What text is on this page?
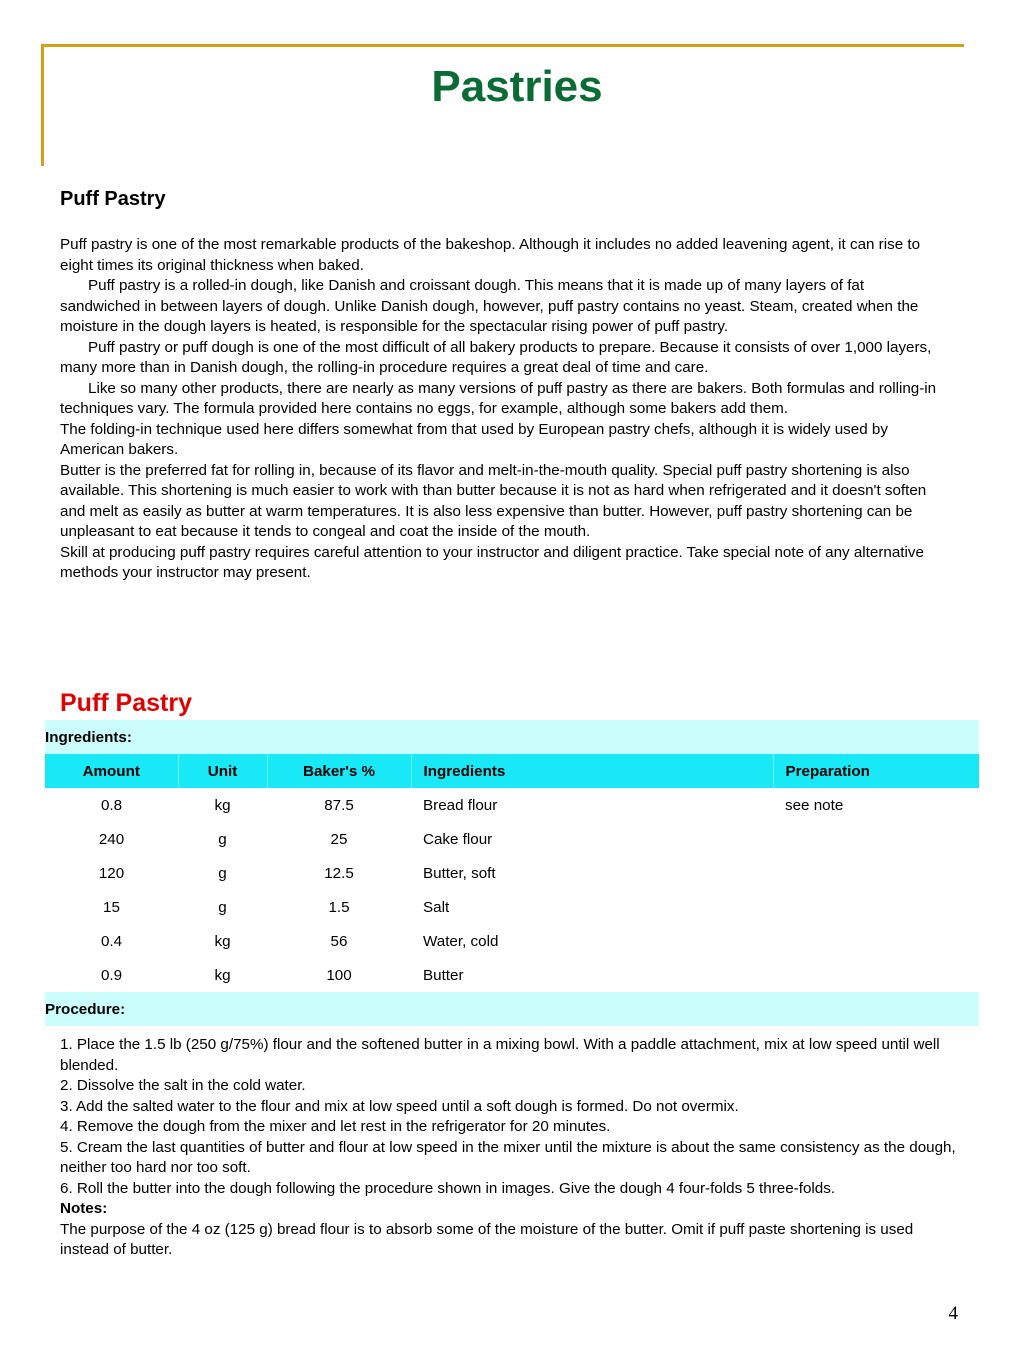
Pastries
Puff Pastry

Puff pastry is one of the most remarkable products of the bakeshop. Although it includes no added leavening agent, it can rise to eight times its original thickness when baked.

Puff pastry is a rolled-in dough, like Danish and croissant dough. This means that it is made up of many layers of fat sandwiched in between layers of dough. Unlike Danish dough, however, puff pastry contains no yeast. Steam, created when the moisture in the dough layers is heated, is responsible for the spectacular rising power of puff pastry.

Puff pastry or puff dough is one of the most difficult of all bakery products to prepare. Because it consists of over 1,000 layers, many more than in Danish dough, the rolling-in procedure requires a great deal of time and care.

Like so many other products, there are nearly as many versions of puff pastry as there are bakers. Both formulas and rolling-in techniques vary. The formula provided here contains no eggs, for example, although some bakers add them.

The folding-in technique used here differs somewhat from that used by European pastry chefs, although it is widely used by American bakers.

Butter is the preferred fat for rolling in, because of its flavor and melt-in-the-mouth quality. Special puff pastry shortening is also available. This shortening is much easier to work with than butter because it is not as hard when refrigerated and it doesn't soften and melt as easily as butter at warm temperatures. It is also less expensive than butter. However, puff pastry shortening can be unpleasant to eat because it tends to congeal and coat the inside of the mouth.

Skill at producing puff pastry requires careful attention to your instructor and diligent practice. Take special note of any alternative methods your instructor may present.

Puff Pastry
Ingredients:				
Amount	Unit	Baker's %	Ingredients	Preparation
0.8	kg	87.5	Bread flour	see note
240	g	25	Cake flour	
120	g	12.5	Butter, soft	
15	g	1.5	Salt	
0.4	kg	56	Water, cold	
0.9	kg	100	Butter	
Procedure:				

1. Place the 1.5 lb (250 g/75%) flour and the softened butter in a mixing bowl. With a paddle attachment, mix at low speed until well blended.

2. Dissolve the salt in the cold water.

3. Add the salted water to the flour and mix at low speed until a soft dough is formed. Do not overmix.

4. Remove the dough from the mixer and let rest in the refrigerator for 20 minutes.

5. Cream the last quantities of butter and flour at low speed in the mixer until the mixture is about the same consistency as the dough, neither too hard nor too soft.

6. Roll the butter into the dough following the procedure shown in images. Give the dough 4 four-folds 5 three-folds.

Notes:

The purpose of the 4 oz (125 g) bread flour is to absorb some of the moisture of the butter. Omit if puff paste shortening is used instead of butter.

4
